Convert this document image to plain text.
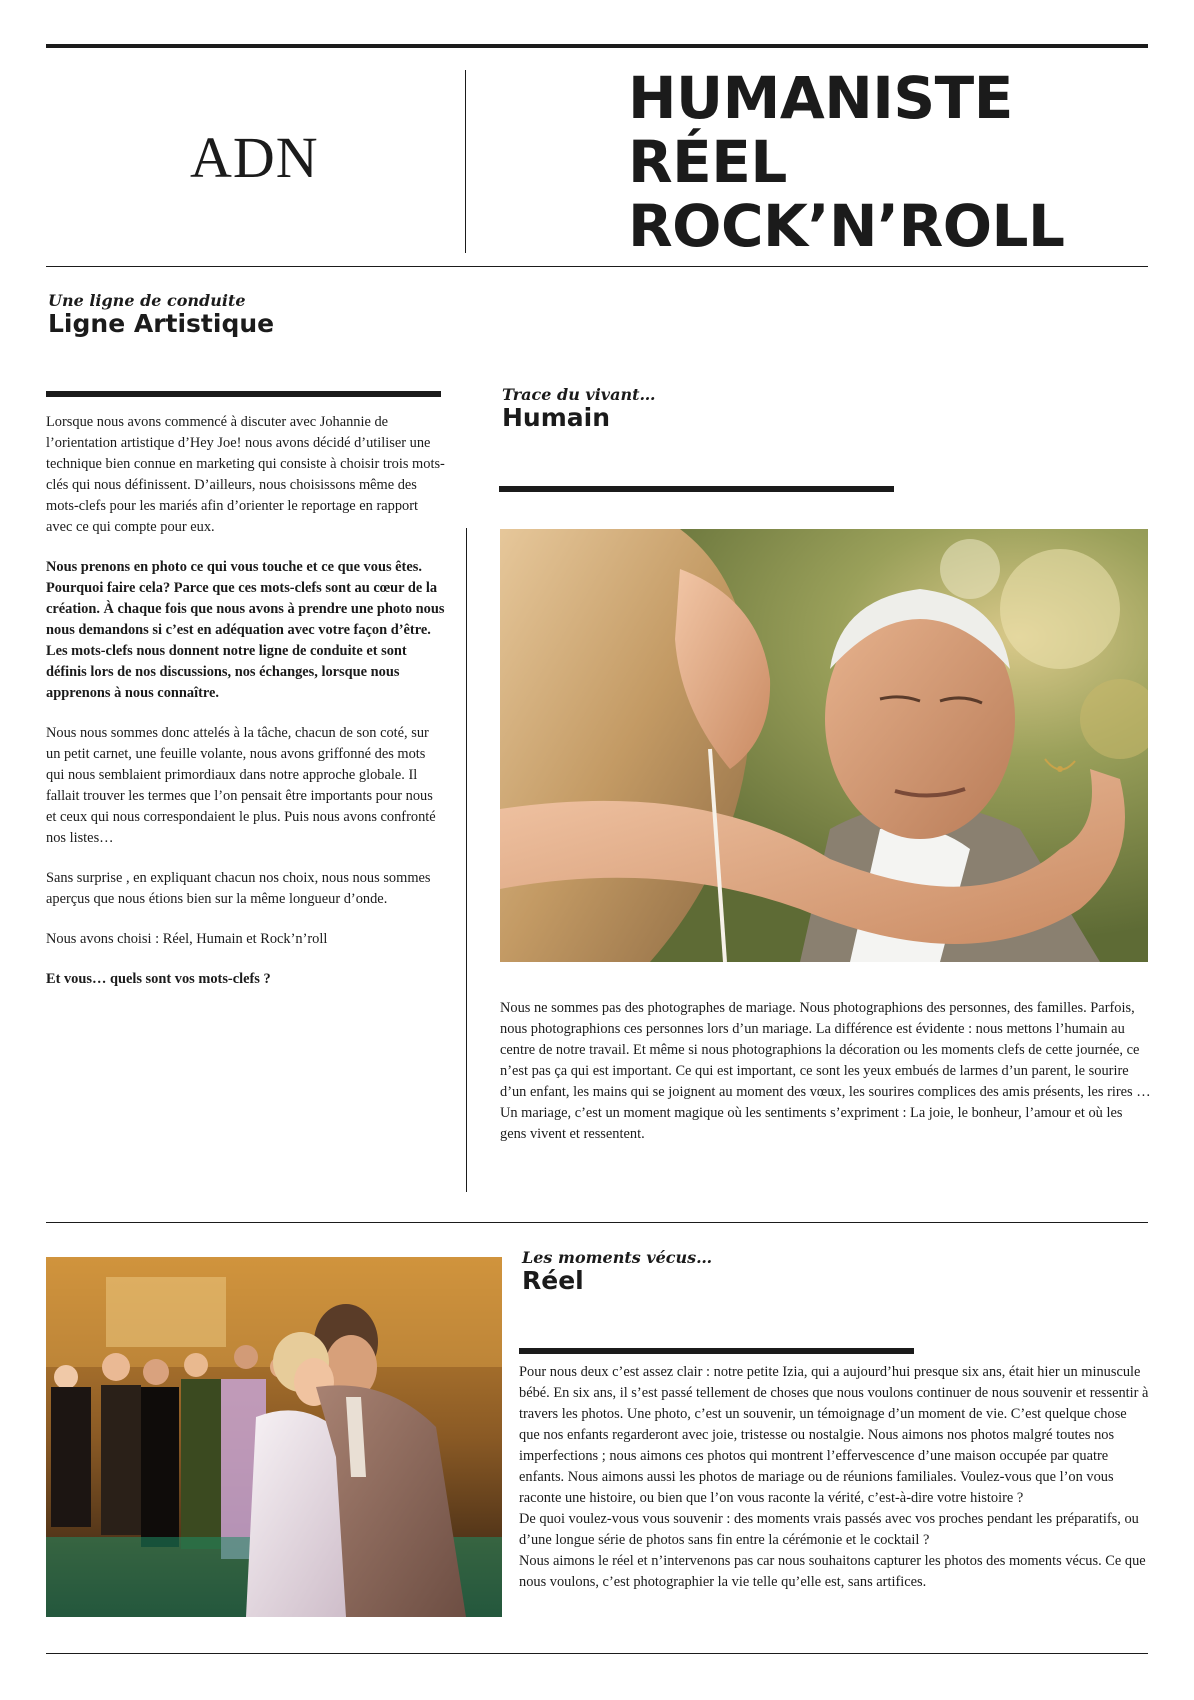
ADN
HUMANISTE
RÉEL
ROCK’N’ROLL
Une ligne de conduite
Ligne Artistique

Lorsque nous avons commencé à discuter avec Johannie de l’orientation artistique d’Hey Joe! nous avons décidé d’utiliser une technique bien connue en marketing qui consiste à choisir trois mots-clés qui nous définissent. D’ailleurs, nous choisissons même des mots-clefs pour les mariés afin d’orienter le reportage en rapport avec ce qui compte pour eux.

Nous prenons en photo ce qui vous touche et ce que vous êtes. Pourquoi faire cela? Parce que ces mots-clefs sont au cœur de la création. À chaque fois que nous avons à prendre une photo nous nous demandons si c’est en adéquation avec votre façon d’être. Les mots-clefs nous donnent notre ligne de conduite et sont définis lors de nos discussions, nos échanges, lorsque nous apprenons à nous connaître.

Nous nous sommes donc attelés à la tâche, chacun de son coté, sur un petit carnet, une feuille volante, nous avons griffonné des mots qui nous semblaient primordiaux dans notre approche globale. Il fallait trouver les termes que l’on pensait être importants pour nous et ceux qui nous correspondaient le plus. Puis nous avons confronté nos listes…

Sans surprise , en expliquant chacun nos choix, nous nous sommes aperçus que nous étions bien sur la même longueur d’onde.

Nous avons choisi : Réel, Humain et Rock’n’roll

Et vous… quels sont vos mots-clefs ?

Trace du vivant…
Humain

Nous ne sommes pas des photographes de mariage. Nous photographions des personnes, des familles. Parfois, nous photographions ces personnes lors d’un mariage. La différence est évidente : nous mettons l’humain au centre de notre travail. Et même si nous photographions la décoration ou les moments clefs de cette journée, ce n’est pas ça qui est important. Ce qui est important, ce sont les yeux embués de larmes d’un parent, le sourire d’un enfant, les mains qui se joignent au moment des vœux, les sourires complices des amis présents, les rires …

Un mariage, c’est un moment magique où les sentiments s’expriment : La joie, le bonheur, l’amour et où les gens vivent et ressentent.

Les moments vécus…
Réel

Pour nous deux c’est assez clair : notre petite Izia, qui a aujourd’hui presque six ans, était hier un minuscule bébé. En six ans, il s’est passé tellement de choses que nous voulons continuer de nous souvenir et ressentir à travers les photos. Une photo, c’est un souvenir, un témoignage d’un moment de vie. C’est quelque chose que nos enfants regarderont avec joie, tristesse ou nostalgie. Nous aimons nos photos malgré toutes nos imperfections ; nous aimons ces photos qui montrent l’effervescence d’une maison occupée par quatre enfants. Nous aimons aussi les photos de mariage ou de réunions familiales. Voulez-vous que l’on vous raconte une histoire, ou bien que l’on vous raconte la vérité, c’est-à-dire votre histoire ?

De quoi voulez-vous vous souvenir : des moments vrais passés avec vos proches pendant les préparatifs, ou d’une longue série de photos sans fin entre la cérémonie et le cocktail ?

Nous aimons le réel et n’intervenons pas car nous souhaitons capturer les photos des moments vécus. Ce que nous voulons, c’est photographier la vie telle qu’elle est, sans artifices.
